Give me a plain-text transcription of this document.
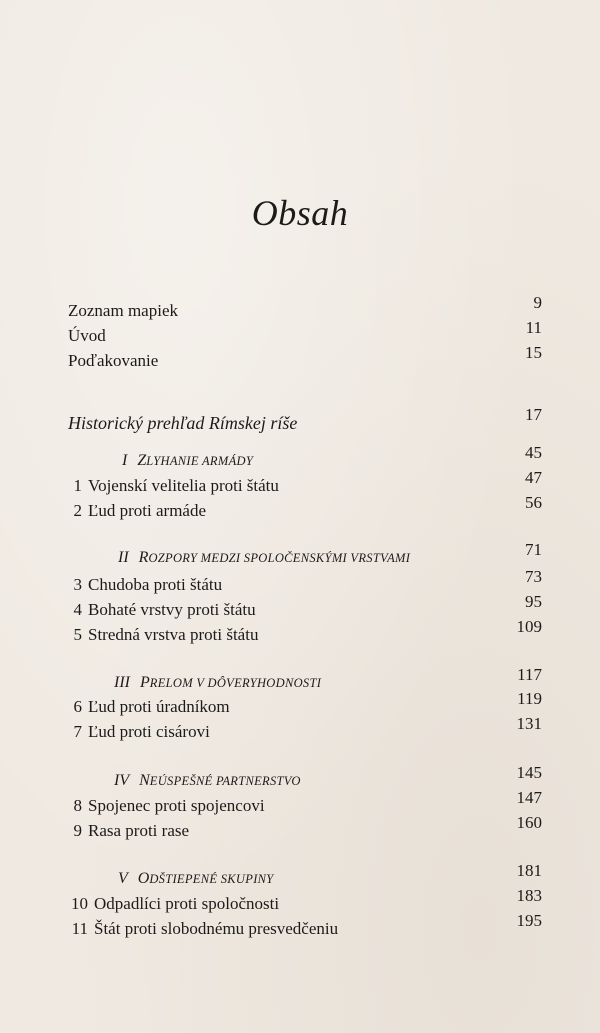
Obsah
Zoznam mapiek	9
Úvod	11
Poďakovanie	15
Historický prehľad Rímskej ríše	17
I ZLYHANIE ARMÁDY	45
1 Vojenskí velitelia proti štátu	47
2 Ľud proti armáde	56
II ROZPORY MEDZI SPOLOČENSKÝMI VRSTVAMI	71
3 Chudoba proti štátu	73
4 Bohaté vrstvy proti štátu	95
5 Stredná vrstva proti štátu	109
III PRELOM V DÔVERYHODNOSTI	117
6 Ľud proti úradníkom	119
7 Ľud proti cisárovi	131
IV NEÚSPEŠNÉ PARTNERSTVO	145
8 Spojenec proti spojencovi	147
9 Rasa proti rase	160
V ODŠTIEPENÉ SKUPINY	181
10 Odpadlíci proti spoločnosti	183
11 Štát proti slobodnému presvedčeniu	195
